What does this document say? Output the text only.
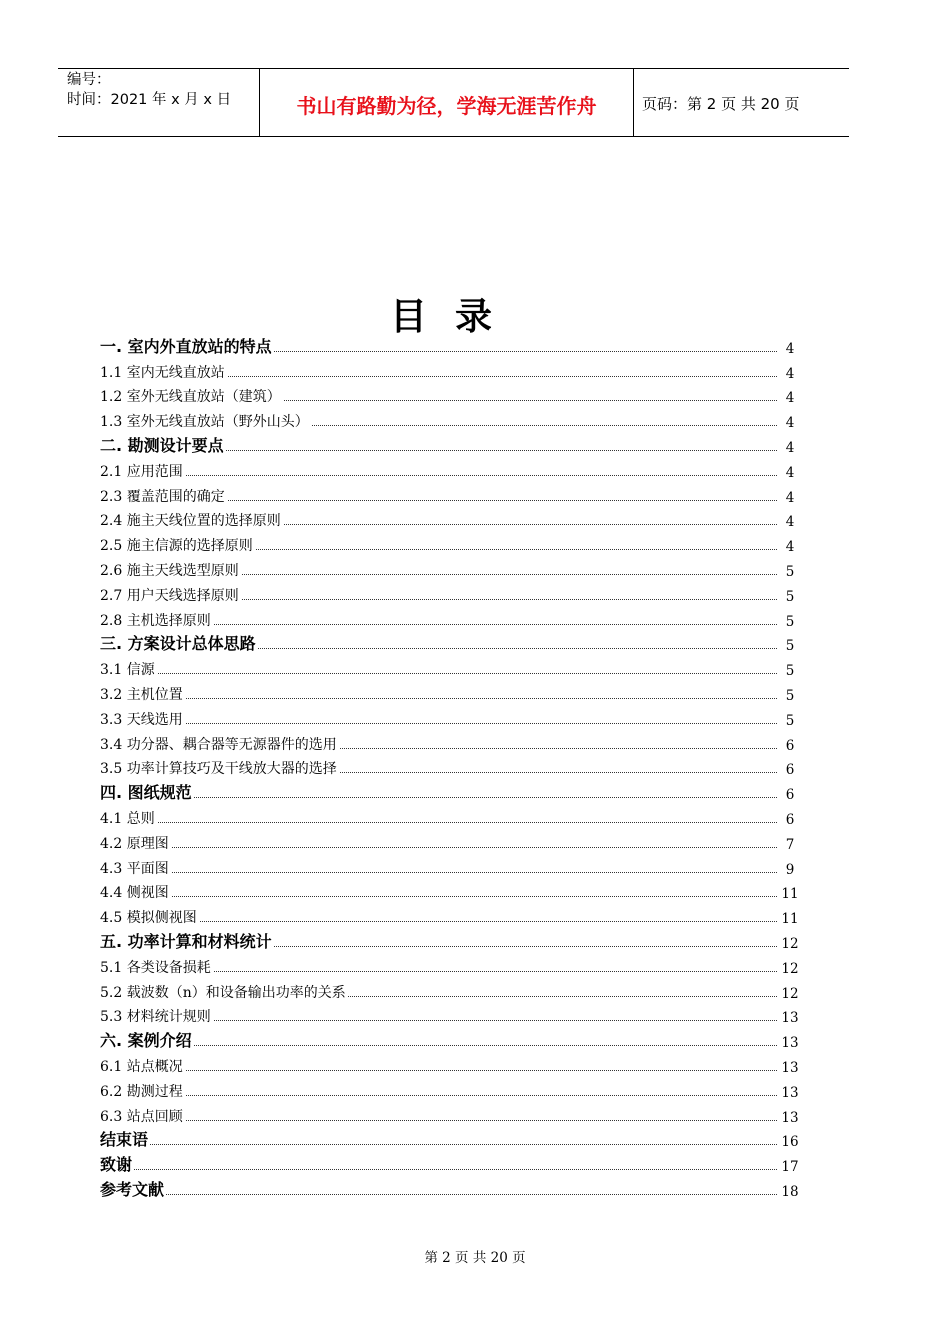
编号：
时间：2021 年 x 月 x 日	书山有路勤为径，学海无涯苦作舟	页码：第 2 页 共 20 页
目录
一. 室内外直放站的特点	4
1.1 室内无线直放站	4
1.2 室外无线直放站（建筑）	4
1.3 室外无线直放站（野外山头）	4
二. 勘测设计要点	4
2.1 应用范围	4
2.3 覆盖范围的确定	4
2.4 施主天线位置的选择原则	4
2.5 施主信源的选择原则	4
2.6 施主天线选型原则	5
2.7 用户天线选择原则	5
2.8 主机选择原则	5
三. 方案设计总体思路	5
3.1 信源	5
3.2 主机位置	5
3.3 天线选用	5
3.4 功分器、耦合器等无源器件的选用	6
3.5 功率计算技巧及干线放大器的选择	6
四. 图纸规范	6
4.1 总则	6
4.2 原理图	7
4.3 平面图	9
4.4 侧视图	11
4.5 模拟侧视图	11
五. 功率计算和材料统计	12
5.1 各类设备损耗	12
5.2 载波数（n）和设备输出功率的关系	12
5.3 材料统计规则	13
六. 案例介绍	13
6.1 站点概况	13
6.2 勘测过程	13
6.3 站点回顾	13
结束语	16
致谢	17
参考文献	18
第 2 页 共 20 页
